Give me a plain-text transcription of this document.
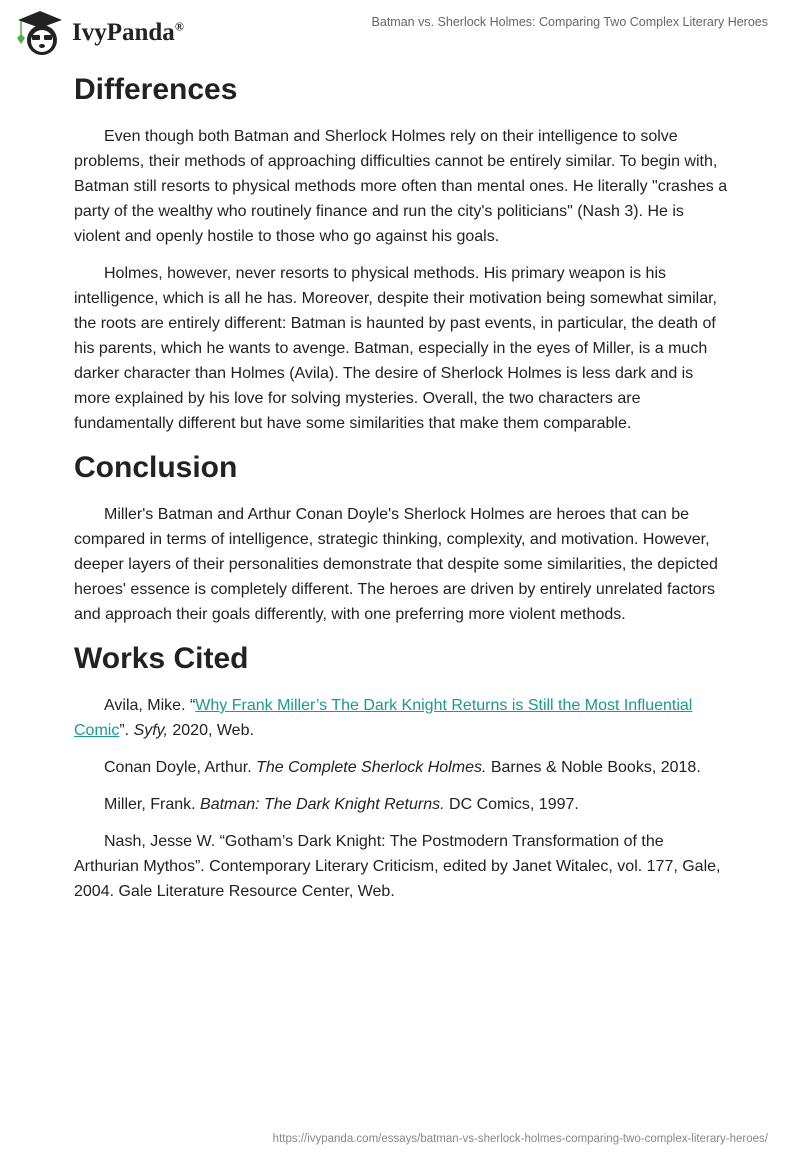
IvyPanda®	Batman vs. Sherlock Holmes: Comparing Two Complex Literary Heroes
Differences

Even though both Batman and Sherlock Holmes rely on their intelligence to solve problems, their methods of approaching difficulties cannot be entirely similar. To begin with, Batman still resorts to physical methods more often than mental ones. He literally "crashes a party of the wealthy who routinely finance and run the city's politicians" (Nash 3). He is violent and openly hostile to those who go against his goals.

Holmes, however, never resorts to physical methods. His primary weapon is his intelligence, which is all he has. Moreover, despite their motivation being somewhat similar, the roots are entirely different: Batman is haunted by past events, in particular, the death of his parents, which he wants to avenge. Batman, especially in the eyes of Miller, is a much darker character than Holmes (Avila). The desire of Sherlock Holmes is less dark and is more explained by his love for solving mysteries. Overall, the two characters are fundamentally different but have some similarities that make them comparable.

Conclusion

Miller's Batman and Arthur Conan Doyle's Sherlock Holmes are heroes that can be compared in terms of intelligence, strategic thinking, complexity, and motivation. However, deeper layers of their personalities demonstrate that despite some similarities, the depicted heroes' essence is completely different. The heroes are driven by entirely unrelated factors and approach their goals differently, with one preferring more violent methods.

Works Cited

Avila, Mike. “Why Frank Miller’s The Dark Knight Returns is Still the Most Influential Comic”. Syfy, 2020, Web.

Conan Doyle, Arthur. The Complete Sherlock Holmes. Barnes & Noble Books, 2018.

Miller, Frank. Batman: The Dark Knight Returns. DC Comics, 1997.

Nash, Jesse W. “Gotham’s Dark Knight: The Postmodern Transformation of the Arthurian Mythos”. Contemporary Literary Criticism, edited by Janet Witalec, vol. 177, Gale, 2004. Gale Literature Resource Center, Web.

https://ivypanda.com/essays/batman-vs-sherlock-holmes-comparing-two-complex-literary-heroes/
